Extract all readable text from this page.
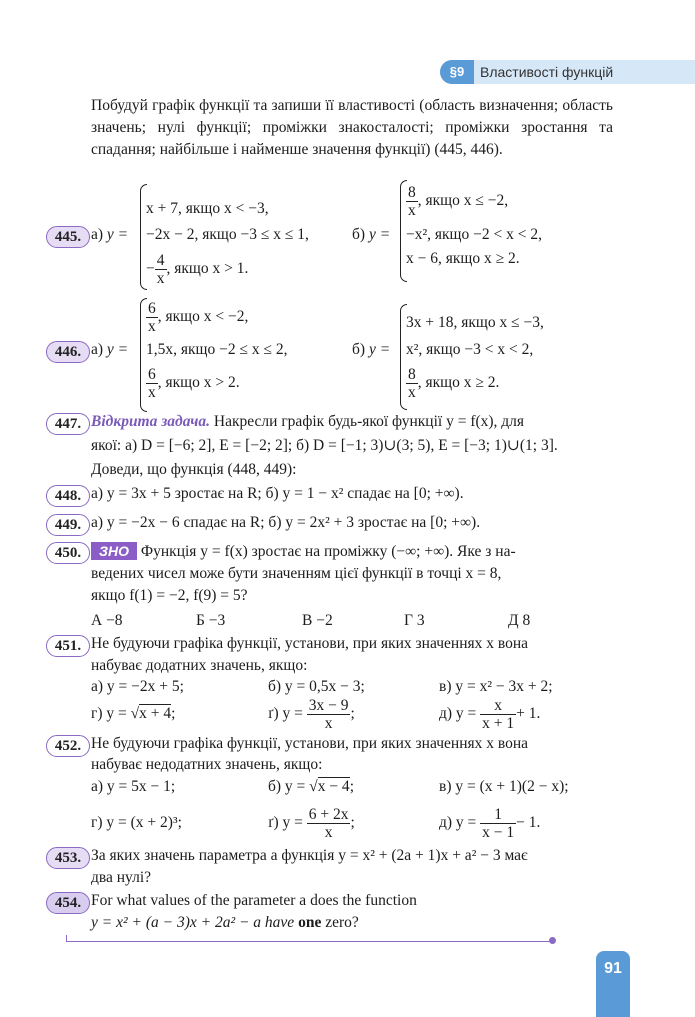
§9	Властивості функцій
Побудуй графік функції та запиши її властивості (область визначення; область значень; нулі функції; проміжки знакосталості; проміжки зростання та спадання; найбільше і найменше значення функції) (445, 446).
445. а) y =
x + 7, якщо x < −3,
−2x − 2, якщо −3 ≤ x ≤ 1,
− $\frac{4}{x}$ , якщо x > 1.
б) y =
$\frac{8}{x}$ , якщо x ≤ −2,
−x², якщо −2 < x < 2,
x − 6, якщо x ≥ 2.
446. а) y =
$\frac{6}{x}$ , якщо x < −2,
1,5x, якщо −2 ≤ x ≤ 2,
$\frac{6}{x}$ , якщо x > 2.
б) y =
3x + 18, якщо x ≤ −3,
x², якщо −3 < x < 2,
$\frac{8}{x}$ , якщо x ≥ 2.
447. Відкрита задача. Накресли графік будь-якої функції y = f(x), для
якої: а) D = [−6; 2], E = [−2; 2]; б) D = [−1; 3)∪(3; 5), E = [−3; 1)∪(1; 3].
Доведи, що функція (448, 449):
448. а) y = 3x + 5 зростає на R; б) y = 1 − x² спадає на [0; +∞).
449. а) y = −2x − 6 спадає на R; б) y = 2x² + 3 зростає на [0; +∞).
450.	ЗНО Функція y = f(x) зростає на проміжку (−∞; +∞). Яке з на-
ведених чисел може бути значенням цієї функції в точці x = 8,
якщо f(1) = −2, f(9) = 5?
А −8	Б −3	В −2	Г 3	Д 8
451. Не будуючи графіка функції, установи, при яких значеннях x вона
набуває додатних значень, якщо:
а) y = −2x + 5;	б) y = 0,5x − 3;	в) y = x² − 3x + 2;
г) y = √x + 4;	ґ) $y = \frac{3x - 9}{x}$ ;	д) $y = \frac{x}{x + 1} + 1$.
452. Не будуючи графіка функції, установи, при яких значеннях x вона
набуває недодатних значень, якщо:
а) y = 5x − 1;	б) y = √x − 4;	в) y = (x + 1)(2 − x);
г) y = (x + 2)³;	ґ) $y = \frac{6 + 2x}{x}$ ;	д) $y = \frac{1}{x - 1} - 1$.
453. За яких значень параметра a функція y = x² + (2a + 1)x + a² − 3 має
два нулі?
454. For what values of the parameter a does the function
y = x² + (a − 3)x + 2a² − a have one zero?
91
